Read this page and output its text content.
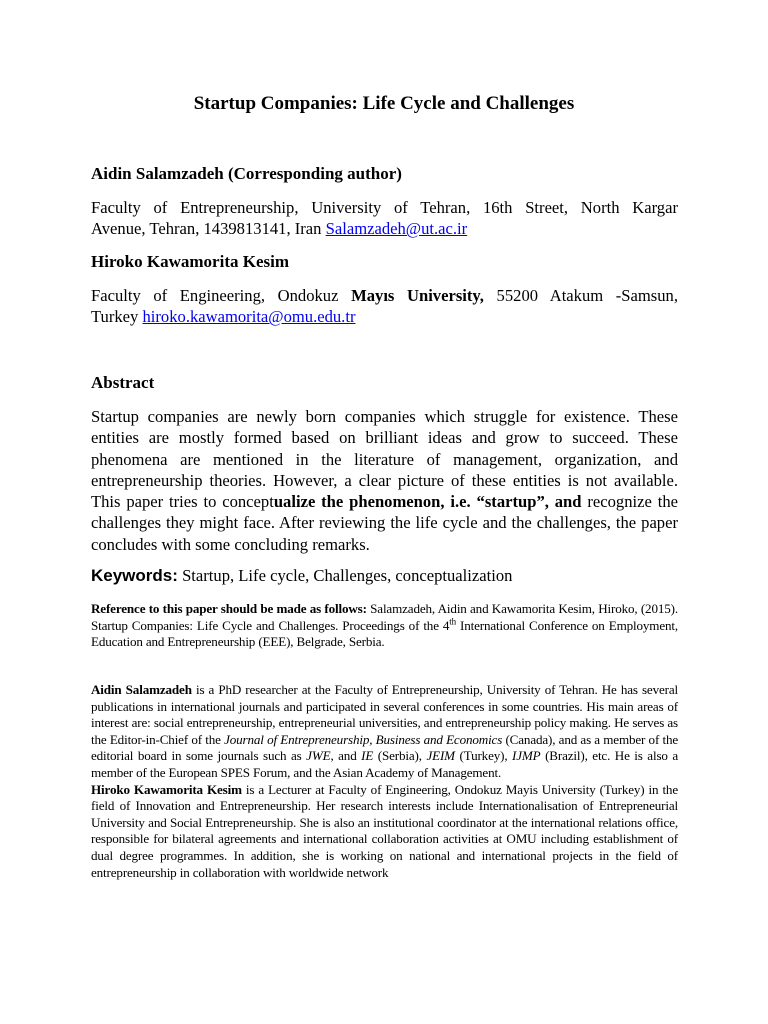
Startup Companies: Life Cycle and Challenges
Aidin Salamzadeh (Corresponding author)

Faculty of Entrepreneurship, University of Tehran, 16th Street, North Kargar

Avenue, Tehran, 1439813141, Iran Salamzadeh@ut.ac.ir

Hiroko Kawamorita Kesim

Faculty of Engineering, Ondokuz Mayıs University, 55200 Atakum -Samsun,

Turkey hiroko.kawamorita@omu.edu.tr

Abstract

Startup companies are newly born companies which struggle for existence. These entities are mostly formed based on brilliant ideas and grow to succeed. These phenomena are mentioned in the literature of management, organization, and entrepreneurship theories. However, a clear picture of these entities is not available. This paper tries to conceptualize the phenomenon, i.e. “startup”, and recognize the challenges they might face. After reviewing the life cycle and the challenges, the paper concludes with some concluding remarks.

Keywords: Startup, Life cycle, Challenges, conceptualization

Reference to this paper should be made as follows: Salamzadeh, Aidin and Kawamorita Kesim, Hiroko, (2015). Startup Companies: Life Cycle and Challenges. Proceedings of the 4th International Conference on Employment, Education and Entrepreneurship (EEE), Belgrade, Serbia.

Aidin Salamzadeh is a PhD researcher at the Faculty of Entrepreneurship, University of Tehran. He has several publications in international journals and participated in several conferences in some countries. His main areas of interest are: social entrepreneurship, entrepreneurial universities, and entrepreneurship policy making. He serves as the Editor-in-Chief of the Journal of Entrepreneurship, Business and Economics (Canada), and as a member of the editorial board in some journals such as JWE, and IE (Serbia), JEIM (Turkey), IJMP (Brazil), etc. He is also a member of the European SPES Forum, and the Asian Academy of Management.

Hiroko Kawamorita Kesim is a Lecturer at Faculty of Engineering, Ondokuz Mayis University (Turkey) in the field of Innovation and Entrepreneurship. Her research interests include Internationalisation of Entrepreneurial University and Social Entrepreneurship. She is also an institutional coordinator at the international relations office, responsible for bilateral agreements and international collaboration activities at OMU including establishment of dual degree programmes. In addition, she is working on national and international projects in the field of entrepreneurship in collaboration with worldwide network
